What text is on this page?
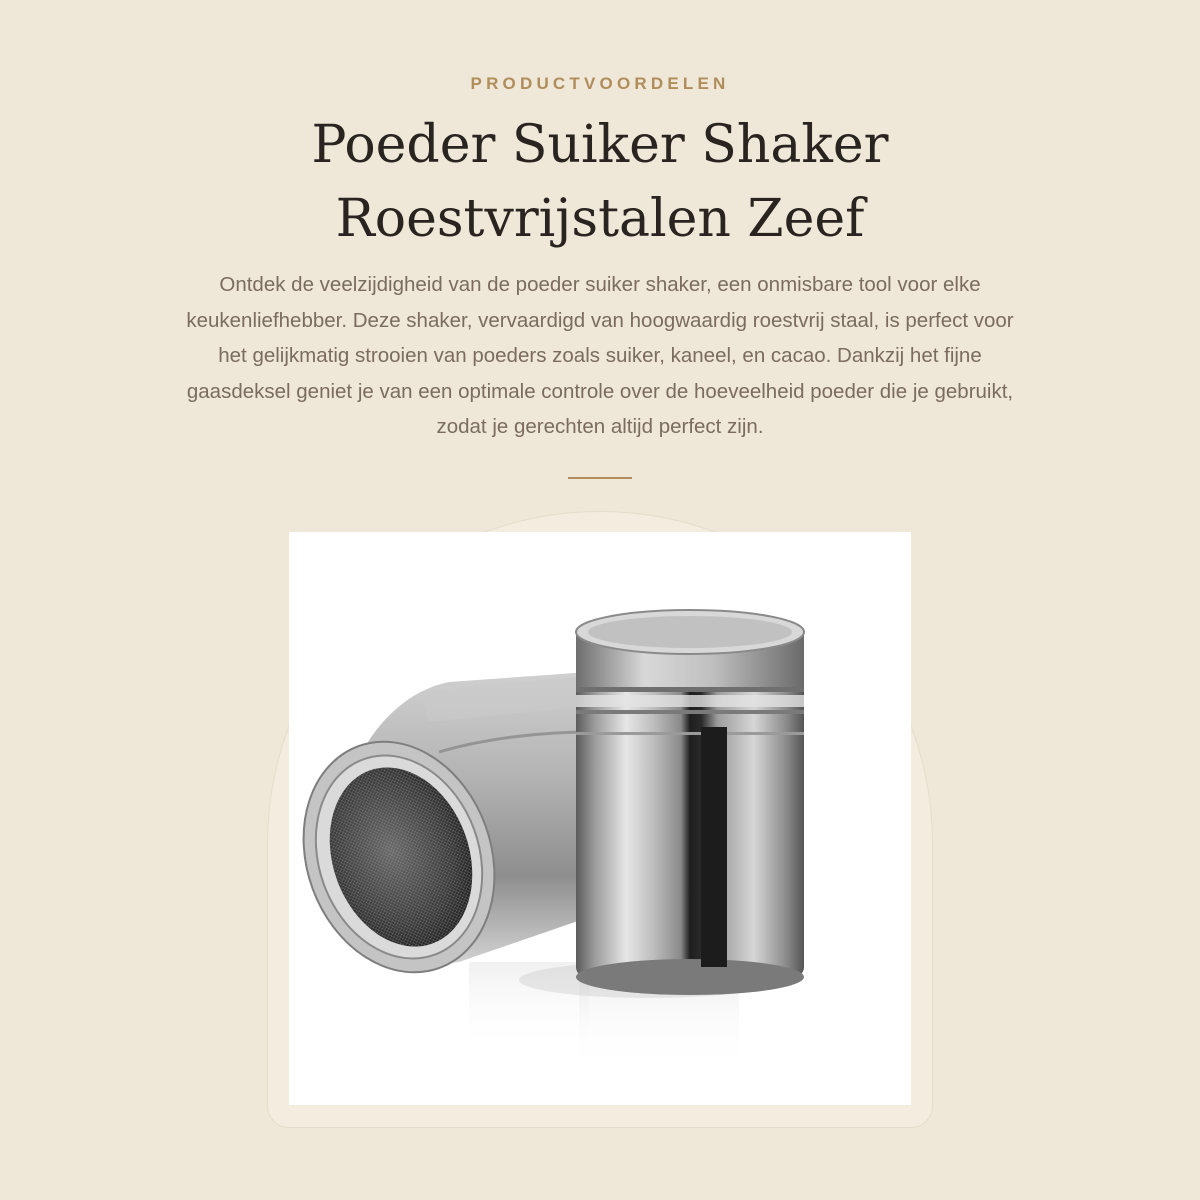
PRODUCTVOORDELEN
Poeder Suiker Shaker
Roestvrijstalen Zeef

Ontdek de veelzijdigheid van de poeder suiker shaker, een onmisbare tool voor elke keukenliefhebber. Deze shaker, vervaardigd van hoogwaardig roestvrij staal, is perfect voor het gelijkmatig strooien van poeders zoals suiker, kaneel, en cacao. Dankzij het fijne gaasdeksel geniet je van een optimale controle over de hoeveelheid poeder die je gebruikt, zodat je gerechten altijd perfect zijn.
